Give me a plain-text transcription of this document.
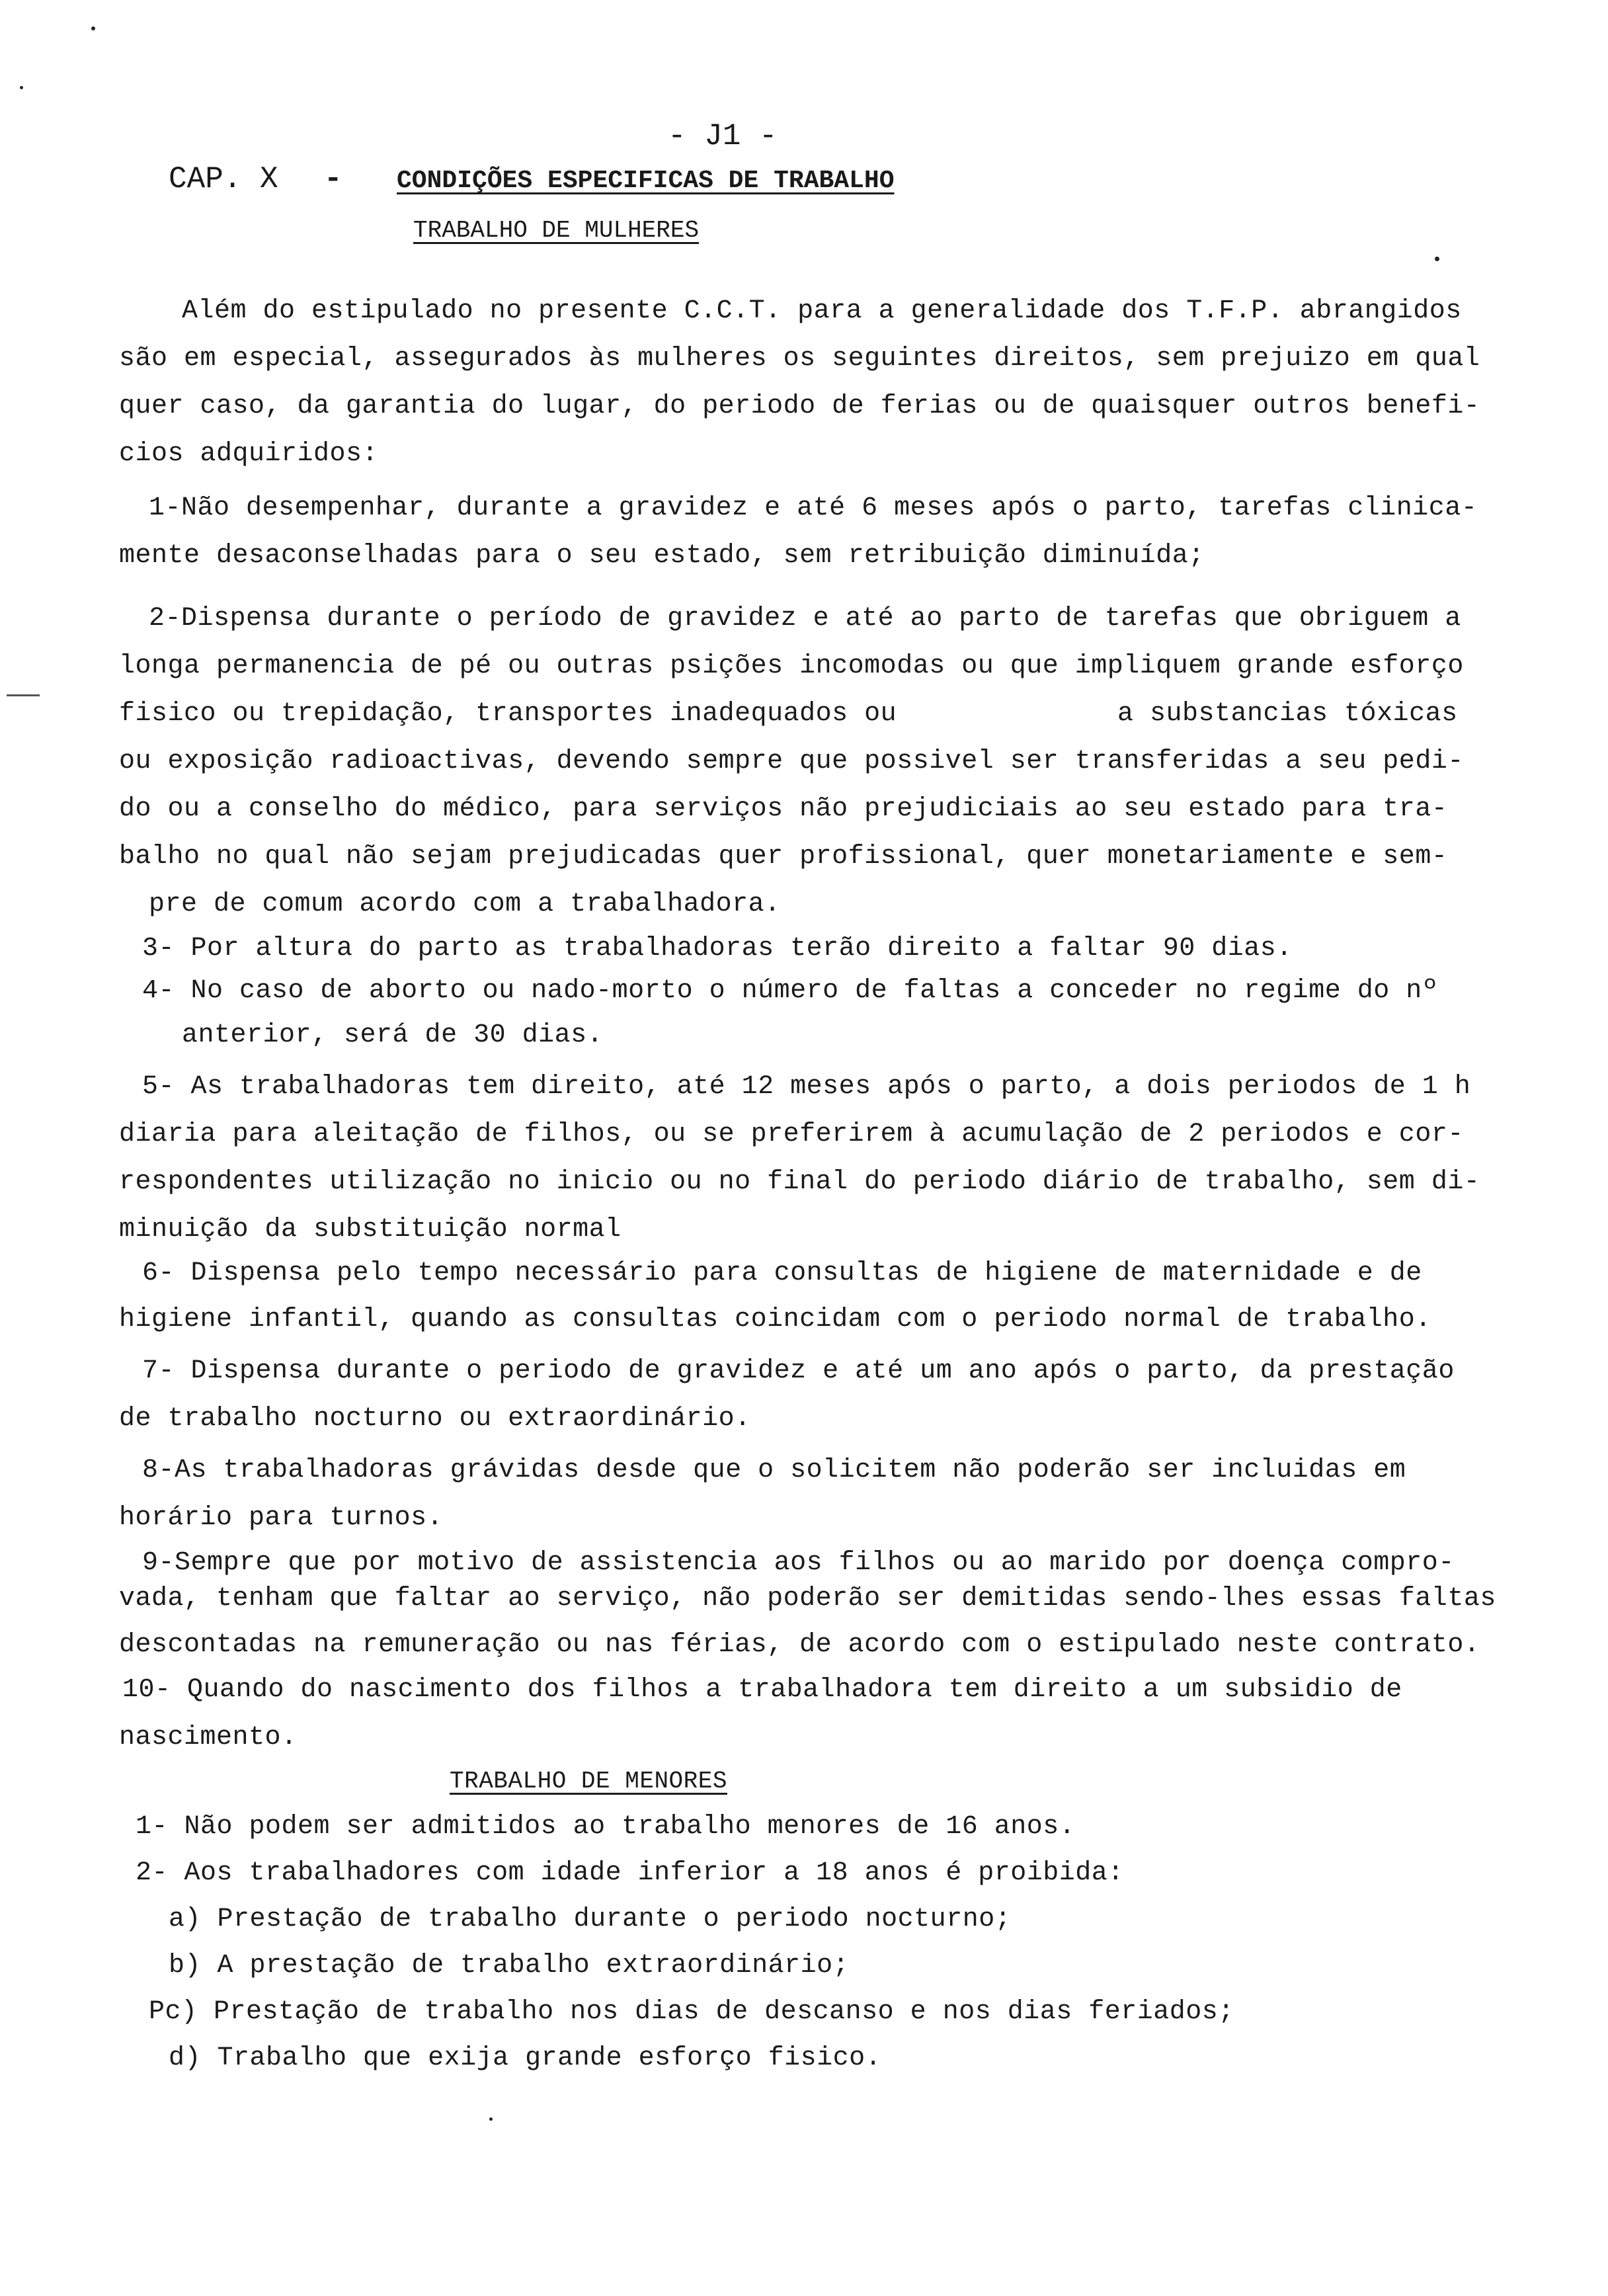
- J1 -
CAP. X - CONDIÇÕES ESPECIFICAS DE TRABALHO
TRABALHO DE MULHERES
Além do estipulado no presente C.C.T. para a generalidade dos T.F.P. abrangidos
são em especial, assegurados às mulheres os seguintes direitos, sem prejuizo em qual
quer caso, da garantia do lugar, do periodo de ferias ou de quaisquer outros benefi-
cios adquiridos:
1-Não desempenhar, durante a gravidez e até 6 meses após o parto, tarefas clinica-
mente desaconselhadas para o seu estado, sem retribuição diminuída;
2-Dispensa durante o período de gravidez e até ao parto de tarefas que obriguem a
longa permanencia de pé ou outras psições incomodas ou que impliquem grande esforço
fisico ou trepidação, transportes inadequados ou	a substancias tóxicas
ou exposição radioactivas, devendo sempre que possivel ser transferidas a seu pedi-
do ou a conselho do médico, para serviços não prejudiciais ao seu estado para tra-
balho no qual não sejam prejudicadas quer profissional, quer monetariamente e sem-
pre de comum acordo com a trabalhadora.
3- Por altura do parto as trabalhadoras terão direito a faltar 90 dias.
4- No caso de aborto ou nado-morto o número de faltas a conceder no regime do nº
anterior, será de 30 dias.
5- As trabalhadoras tem direito, até 12 meses após o parto, a dois periodos de 1 h
diaria para aleitação de filhos, ou se preferirem à acumulação de 2 periodos e cor-
respondentes utilização no inicio ou no final do periodo diário de trabalho, sem di-
minuição da substituição normal
6- Dispensa pelo tempo necessário para consultas de higiene de maternidade e de
higiene infantil, quando as consultas coincidam com o periodo normal de trabalho.
7- Dispensa durante o periodo de gravidez e até um ano após o parto, da prestação
de trabalho nocturno ou extraordinário.
8-As trabalhadoras grávidas desde que o solicitem não poderão ser incluidas em
horário para turnos.
9-Sempre que por motivo de assistencia aos filhos ou ao marido por doença compro-
vada, tenham que faltar ao serviço, não poderão ser demitidas sendo-lhes essas faltas
descontadas na remuneração ou nas férias, de acordo com o estipulado neste contrato.
10- Quando do nascimento dos filhos a trabalhadora tem direito a um subsidio de
nascimento.
TRABALHO DE MENORES
1- Não podem ser admitidos ao trabalho menores de 16 anos.
2- Aos trabalhadores com idade inferior a 18 anos é proibida:
a) Prestação de trabalho durante o periodo nocturno;
b) A prestação de trabalho extraordinário;
Pc) Prestação de trabalho nos dias de descanso e nos dias feriados;
d) Trabalho que exija grande esforço fisico.
